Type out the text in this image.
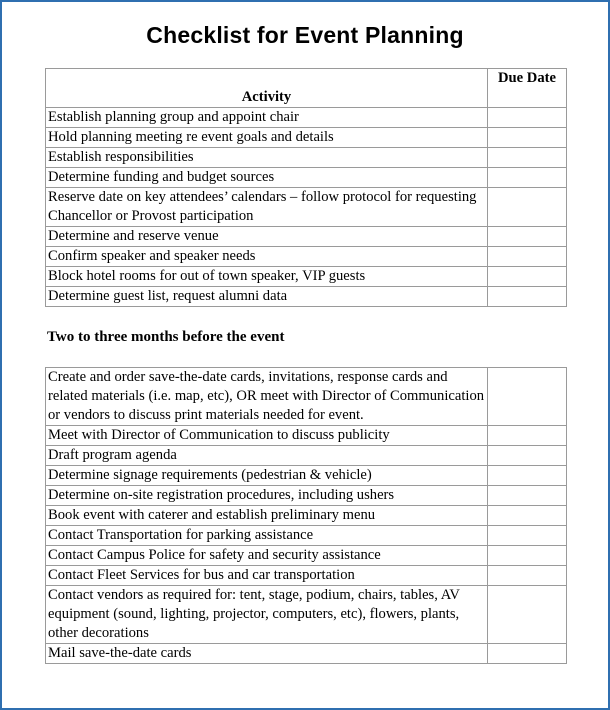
Checklist for Event Planning
Activity	Due Date
Establish planning group and appoint chair	
Hold planning meeting re event goals and details	
Establish responsibilities	
Determine funding and budget sources	
Reserve date on key attendees’ calendars – follow protocol for requesting Chancellor or Provost participation	
Determine and reserve venue	
Confirm speaker and speaker needs	
Block hotel rooms for out of town speaker, VIP guests	
Determine guest list, request alumni data	
Two to three months before the event
Create and order save-the-date cards, invitations, response cards and related materials (i.e. map, etc), OR meet with Director of Communication or vendors to discuss print materials needed for event.	
Meet with Director of Communication to discuss publicity	
Draft program agenda	
Determine signage requirements (pedestrian & vehicle)	
Determine on-site registration procedures, including ushers	
Book event with caterer and establish preliminary menu	
Contact Transportation for parking assistance	
Contact Campus Police for safety and security assistance	
Contact Fleet Services for bus and car transportation	
Contact vendors as required for: tent, stage, podium, chairs, tables, AV equipment (sound, lighting, projector, computers, etc), flowers, plants, other decorations	
Mail save-the-date cards	
